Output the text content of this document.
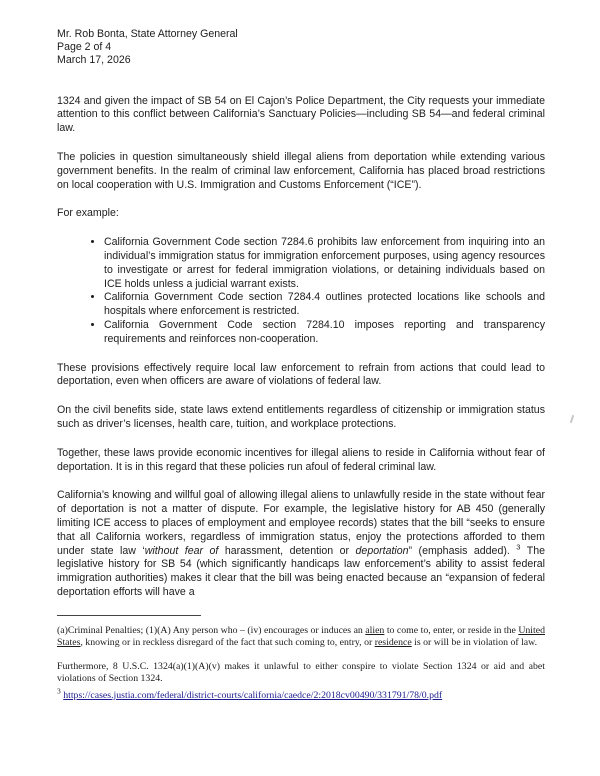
Mr. Rob Bonta, State Attorney General
Page 2 of 4
March 17, 2026

1324 and given the impact of SB 54 on El Cajon’s Police Department, the City requests your immediate attention to this conflict between California’s Sanctuary Policies—including SB 54—and federal criminal law.

The policies in question simultaneously shield illegal aliens from deportation while extending various government benefits. In the realm of criminal law enforcement, California has placed broad restrictions on local cooperation with U.S. Immigration and Customs Enforcement (“ICE”).

For example:

• California Government Code section 7284.6 prohibits law enforcement from inquiring into an individual’s immigration status for immigration enforcement purposes, using agency resources to investigate or arrest for federal immigration violations, or detaining individuals based on ICE holds unless a judicial warrant exists.
• California Government Code section 7284.4 outlines protected locations like schools and hospitals where enforcement is restricted.
• California Government Code section 7284.10 imposes reporting and transparency requirements and reinforces non-cooperation.

These provisions effectively require local law enforcement to refrain from actions that could lead to deportation, even when officers are aware of violations of federal law.

On the civil benefits side, state laws extend entitlements regardless of citizenship or immigration status such as driver’s licenses, health care, tuition, and workplace protections.

Together, these laws provide economic incentives for illegal aliens to reside in California without fear of deportation. It is in this regard that these policies run afoul of federal criminal law.

California’s knowing and willful goal of allowing illegal aliens to unlawfully reside in the state without fear of deportation is not a matter of dispute. For example, the legislative history for AB 450 (generally limiting ICE access to places of employment and employee records) states that the bill “seeks to ensure that all California workers, regardless of immigration status, enjoy the protections afforded to them under state law ‘without fear of harassment, detention or deportation” (emphasis added). $^3$ The legislative history for SB 54 (which significantly handicaps law enforcement’s ability to assist federal immigration authorities) makes it clear that the bill was being enacted because an “expansion of federal deportation efforts will have a

(a)Criminal Penalties; (1)(A) Any person who – (iv) encourages or induces an alien to come to, enter, or reside in the United States, knowing or in reckless disregard of the fact that such coming to, entry, or residence is or will be in violation of law.

Furthermore, 8 U.S.C. 1324(a)(1)(A)(v) makes it unlawful to either conspire to violate Section 1324 or aid and abet violations of Section 1324.

$^3$ https://cases.justia.com/federal/district-courts/california/caedce/2:2018cv00490/331791/78/0.pdf
